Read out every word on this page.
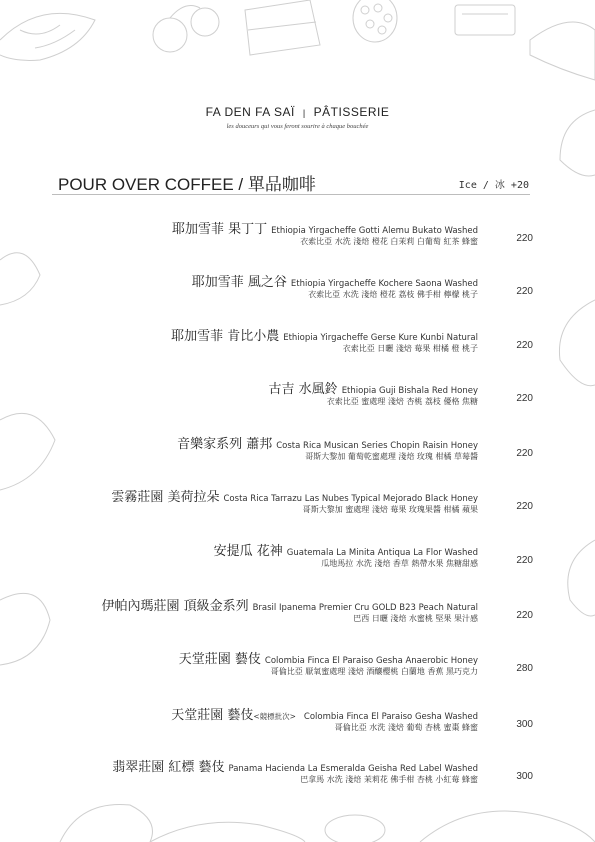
FA DEN FA SAÏ | PÂTISSERIE
les douceurs qui vous feront sourire à chaque bouchée
POUR OVER COFFEE / 單品咖啡	Ice / 冰 +20
耶加雪菲 果丁丁 Ethiopia Yirgacheffe Gotti Alemu Bukato Washed
衣索比亞 水洗 淺焙 橙花 白茉莉 白葡萄 紅茶 蜂蜜	220
耶加雪菲 風之谷 Ethiopia Yirgacheffe Kochere Saona Washed
衣索比亞 水洗 淺焙 橙花 荔枝 佛手柑 檸檬 桃子	220
耶加雪菲 肯比小農 Ethiopia Yirgacheffe Gerse Kure Kunbi Natural
衣索比亞 日曬 淺焙 莓果 柑橘 橙 桃子	220
古吉 水風鈴 Ethiopia Guji Bishala Red Honey
衣索比亞 蜜處理 淺焙 杏桃 荔枝 優格 焦糖	220
音樂家系列 蕭邦 Costa Rica Musican Series Chopin Raisin Honey
哥斯大黎加 葡萄乾蜜處理 淺焙 玫瑰 柑橘 草莓醬	220
雲霧莊園 美荷拉朵 Costa Rica Tarrazu Las Nubes Typical Mejorado Black Honey
哥斯大黎加 蜜處理 淺焙 莓果 玫瑰果醬 柑橘 蘋果	220
安提瓜 花神 Guatemala La Minita Antiqua La Flor Washed
瓜地馬拉 水洗 淺焙 香草 熱帶水果 焦糖甜感	220
伊帕內瑪莊園 頂級金系列 Brasil Ipanema Premier Cru GOLD B23 Peach Natural
巴西 日曬 淺焙 水蜜桃 堅果 果汁感	220
天堂莊園 藝伎 Colombia Finca El Paraiso Gesha Anaerobic Honey
哥倫比亞 厭氧蜜處理 淺焙 酒釀櫻桃 白蘭地 香蕉 黑巧克力	280
天堂莊園 藝伎<競標批次> Colombia Finca El Paraiso Gesha Washed
哥倫比亞 水洗 淺焙 葡萄 杏桃 蜜棗 蜂蜜	300
翡翠莊園 紅標 藝伎 Panama Hacienda La Esmeralda Geisha Red Label Washed
巴拿馬 水洗 淺焙 茉莉花 佛手柑 杏桃 小紅莓 蜂蜜	300
